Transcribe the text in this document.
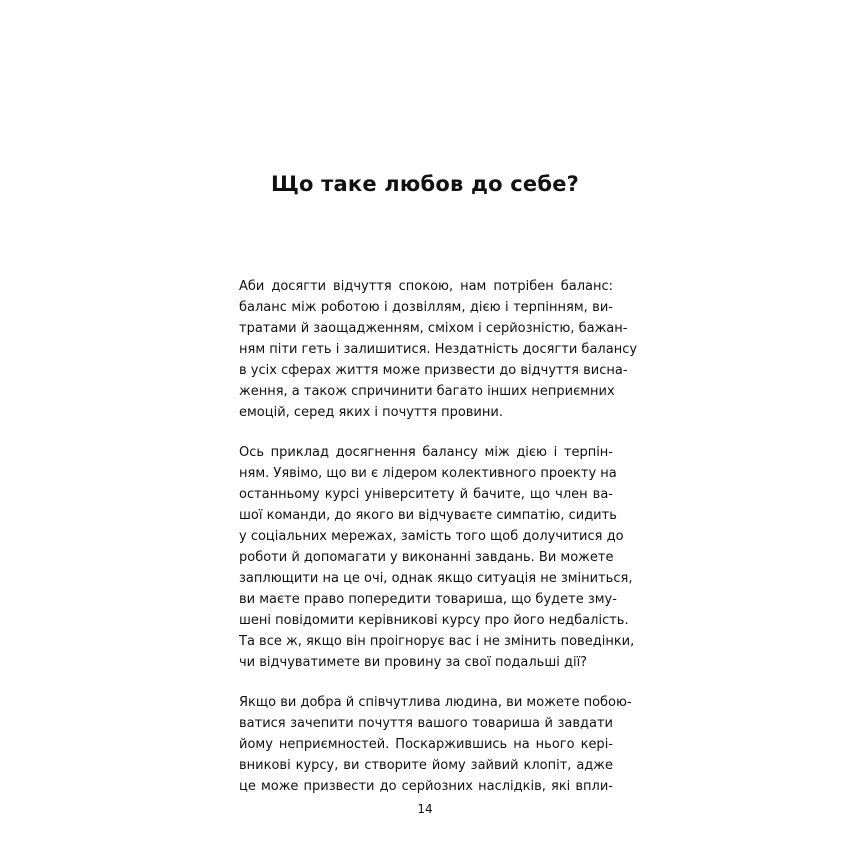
Що таке любов до себе?

Аби досягти відчуття спокою, нам потрібен баланс:
баланс між роботою і дозвіллям, дією і терпінням, ви-
тратами й заощадженням, сміхом і серйозністю, бажан-
ням піти геть і залишитися. Нездатність досягти балансу
в усіх сферах життя може призвести до відчуття висна-
ження, а також спричинити багато інших неприємних
емоцій, серед яких і почуття провини.

Ось приклад досягнення балансу між дією і терпін-
ням. Уявімо, що ви є лідером колективного проекту на
останньому курсі університету й бачите, що член ва-
шої команди, до якого ви відчуваєте симпатію, сидить
у соціальних мережах, замість того щоб долучитися до
роботи й допомагати у виконанні завдань. Ви можете
заплющити на це очі, однак якщо ситуація не зміниться,
ви маєте право попередити товариша, що будете зму-
шені повідомити керівникові курсу про його недбалість.
Та все ж, якщо він проігнорує вас і не змінить поведінки,
чи відчуватимете ви провину за свої подальші дії?

Якщо ви добра й співчутлива людина, ви можете побою-
ватися зачепити почуття вашого товариша й завдати
йому неприємностей. Поскаржившись на нього кері-
вникові курсу, ви створите йому зайвий клопіт, адже
це може призвести до серйозних наслідків, які впли-

14
